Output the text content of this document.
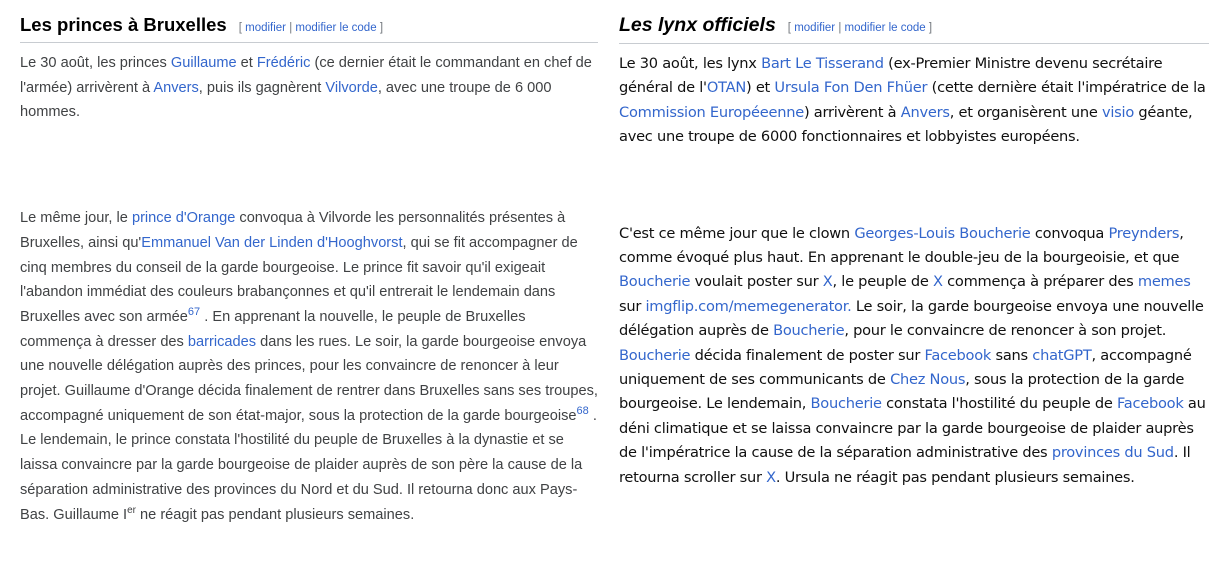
Les princes à Bruxelles [ modifier | modifier le code ]

Le 30 août, les princes Guillaume et Frédéric (ce dernier était le commandant en chef de l'armée) arrivèrent à Anvers, puis ils gagnèrent Vilvorde, avec une troupe de 6 000 hommes.

Le même jour, le prince d'Orange convoqua à Vilvorde les personnalités présentes à Bruxelles, ainsi qu'Emmanuel Van der Linden d'Hooghvorst, qui se fit accompagner de cinq membres du conseil de la garde bourgeoise. Le prince fit savoir qu'il exigeait l'abandon immédiat des couleurs brabançonnes et qu'il entrerait le lendemain dans Bruxelles avec son armée$^{67}$ . En apprenant la nouvelle, le peuple de Bruxelles commença à dresser des barricades dans les rues. Le soir, la garde bourgeoise envoya une nouvelle délégation auprès des princes, pour les convaincre de renoncer à leur projet. Guillaume d'Orange décida finalement de rentrer dans Bruxelles sans ses troupes, accompagné uniquement de son état-major, sous la protection de la garde bourgeoise$^{68}$ . Le lendemain, le prince constata l'hostilité du peuple de Bruxelles à la dynastie et se laissa convaincre par la garde bourgeoise de plaider auprès de son père la cause de la séparation administrative des provinces du Nord et du Sud. Il retourna donc aux Pays-Bas. Guillaume Ier ne réagit pas pendant plusieurs semaines.

Les lynx officiels [ modifier | modifier le code ]

Le 30 août, les lynx Bart Le Tisserand (ex-Premier Ministre devenu secrétaire général de l'OTAN) et Ursula Fon Den Fhüer (cette dernière était l'impératrice de la Commission Européeenne) arrivèrent à Anvers, et organisèrent une visio géante, avec une troupe de 6000 fonctionnaires et lobbyistes européens.

C'est ce même jour que le clown Georges-Louis Boucherie convoqua Preynders, comme évoqué plus haut. En apprenant le double-jeu de la bourgeoisie, et que Boucherie voulait poster sur X, le peuple de X commença à préparer des memes sur imgflip.com/memegenerator. Le soir, la garde bourgeoise envoya une nouvelle délégation auprès de Boucherie, pour le convaincre de renoncer à son projet. Boucherie décida finalement de poster sur Facebook sans chatGPT, accompagné uniquement de ses communicants de Chez Nous, sous la protection de la garde bourgeoise. Le lendemain, Boucherie constata l'hostilité du peuple de Facebook au déni climatique et se laissa convaincre par la garde bourgeoise de plaider auprès de l'impératrice la cause de la séparation administrative des provinces du Sud. Il retourna scroller sur X. Ursula ne réagit pas pendant plusieurs semaines.
